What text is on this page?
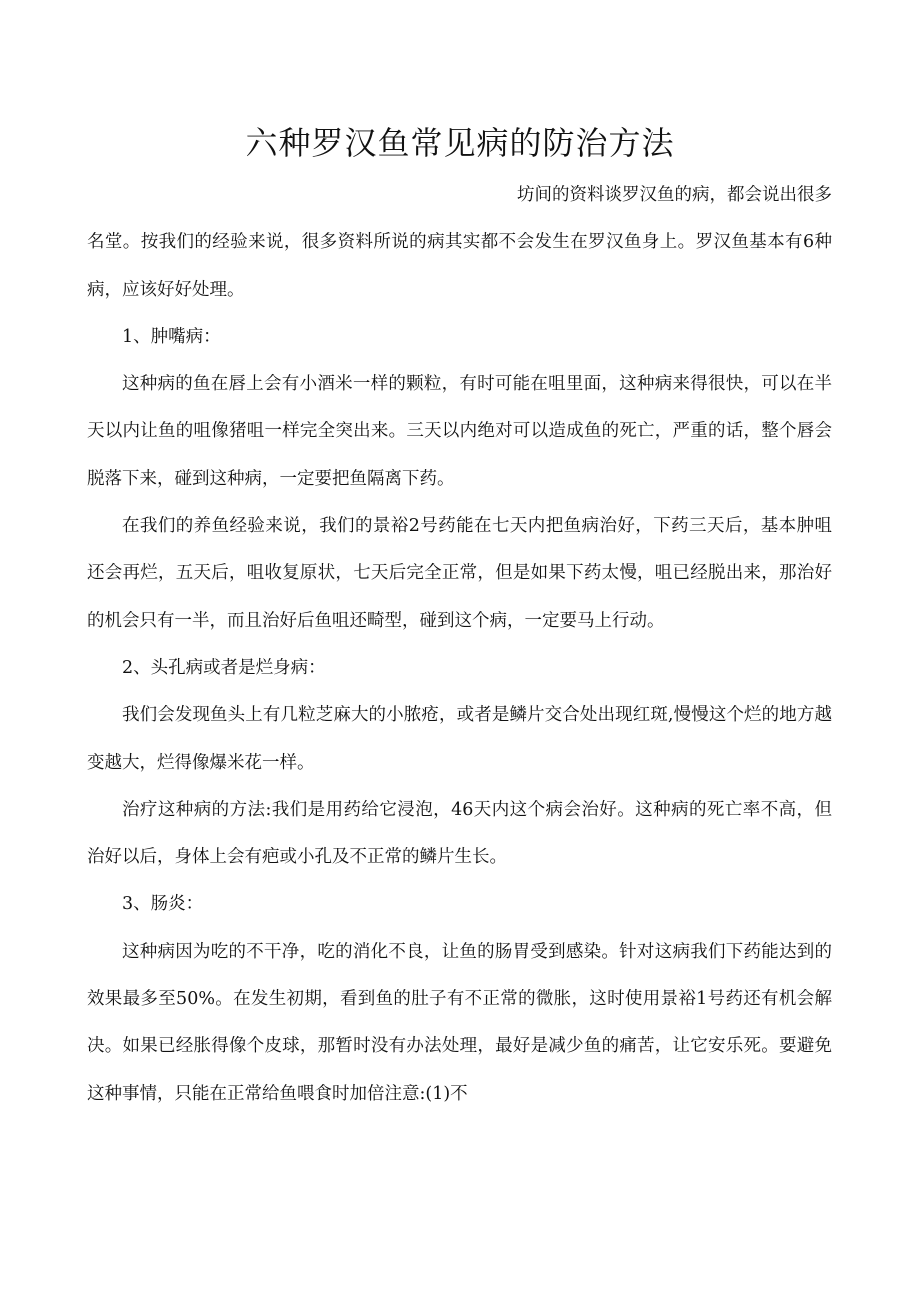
六种罗汉鱼常见病的防治方法

坊间的资料谈罗汉鱼的病，都会说出很多
名堂。按我们的经验来说，很多资料所说的病其实都不会发生在罗汉鱼身上。罗汉鱼基本有6种病，应该好好处理。

1、肿嘴病：

这种病的鱼在唇上会有小酒米一样的颗粒，有时可能在咀里面，这种病来得很快，可以在半天以内让鱼的咀像猪咀一样完全突出来。三天以内绝对可以造成鱼的死亡，严重的话，整个唇会脱落下来，碰到这种病，一定要把鱼隔离下药。

在我们的养鱼经验来说，我们的景裕2号药能在七天内把鱼病治好，下药三天后，基本肿咀还会再烂，五天后，咀收复原状，七天后完全正常，但是如果下药太慢，咀已经脱出来，那治好的机会只有一半，而且治好后鱼咀还畸型，碰到这个病，一定要马上行动。

2、头孔病或者是烂身病：

我们会发现鱼头上有几粒芝麻大的小脓疮，或者是鳞片交合处出现红斑,慢慢这个烂的地方越变越大，烂得像爆米花一样。

治疗这种病的方法:我们是用药给它浸泡，46天内这个病会治好。这种病的死亡率不高，但治好以后，身体上会有疤或小孔及不正常的鳞片生长。

3、肠炎：

这种病因为吃的不干净，吃的消化不良，让鱼的肠胃受到感染。针对这病我们下药能达到的效果最多至50%。在发生初期，看到鱼的肚子有不正常的微胀，这时使用景裕1号药还有机会解决。如果已经胀得像个皮球，那暂时没有办法处理，最好是减少鱼的痛苦，让它安乐死。要避免这种事情，只能在正常给鱼喂食时加倍注意:(1)不
